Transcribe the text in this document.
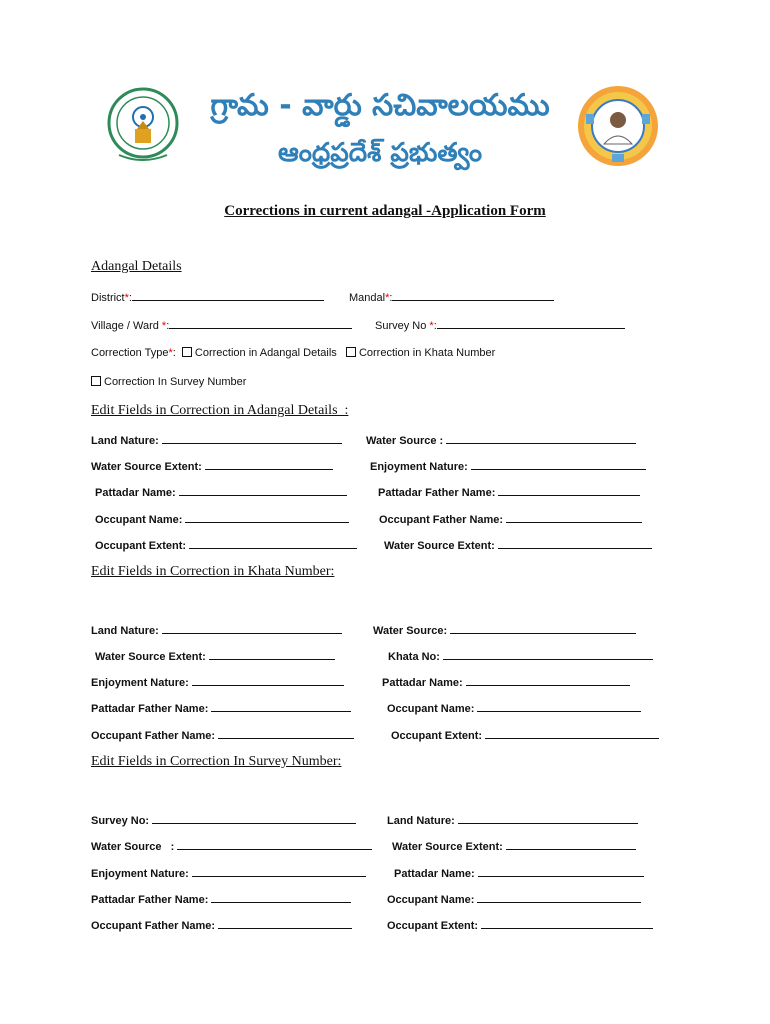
గ్రామ - వార్డు సచివాలయము
ఆంధ్రప్రదేశ్ ప్రభుత్వం
Corrections in current adangal -Application Form
Adangal Details
District*:	Mandal*:
Village / Ward *:	Survey No *:
Correction Type*: Correction in Adangal Details Correction in Khata Number
Correction In Survey Number
Edit Fields in Correction in Adangal Details :
Land Nature:	Water Source :
Water Source Extent:	Enjoyment Nature:
Pattadar Name:	Pattadar Father Name:
Occupant Name:	Occupant Father Name:
Occupant Extent:	Water Source Extent:
Edit Fields in Correction in Khata Number:
Land Nature:	Water Source:
Water Source Extent:	Khata No:
Enjoyment Nature:	Pattadar Name:
Pattadar Father Name:	Occupant Name:
Occupant Father Name:	Occupant Extent:
Edit Fields in Correction In Survey Number:
Survey No:	Land Nature:
Water Source   :	Water Source Extent:
Enjoyment Nature:	Pattadar Name:
Pattadar Father Name:	Occupant Name:
Occupant Father Name:	Occupant Extent:
